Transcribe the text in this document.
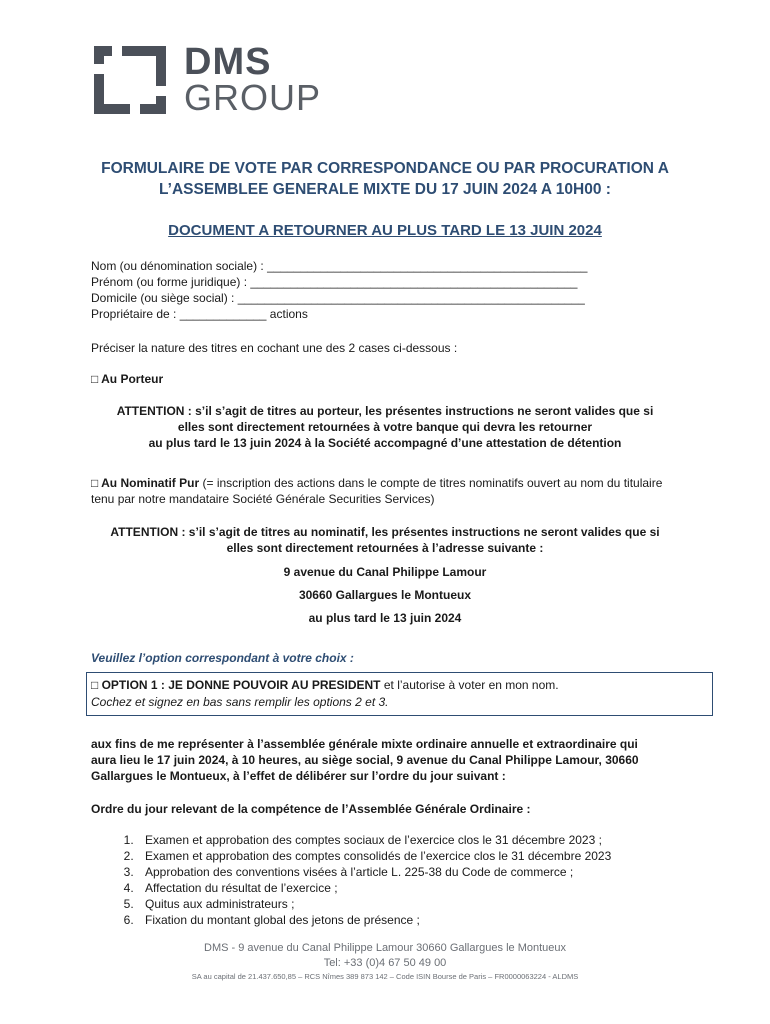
DMS
GROUP
FORMULAIRE DE VOTE PAR CORRESPONDANCE OU PAR PROCURATION A
L’ASSEMBLEE GENERALE MIXTE DU 17 JUIN 2024 A 10H00 :
DOCUMENT A RETOURNER AU PLUS TARD LE 13 JUIN 2024
Nom (ou dénomination sociale) : ________________________________________________
Prénom (ou forme juridique) : _________________________________________________
Domicile (ou siège social) : ____________________________________________________
Propriétaire de : _____________ actions
Préciser la nature des titres en cochant une des 2 cases ci-dessous :
□ Au Porteur
ATTENTION : s’il s’agit de titres au porteur, les présentes instructions ne seront valides que si
elles sont directement retournées à votre banque qui devra les retourner
au plus tard le 13 juin 2024 à la Société accompagné d’une attestation de détention
□ Au Nominatif Pur (= inscription des actions dans le compte de titres nominatifs ouvert au nom du titulaire
tenu par notre mandataire Société Générale Securities Services)
ATTENTION : s’il s’agit de titres au nominatif, les présentes instructions ne seront valides que si
elles sont directement retournées à l’adresse suivante :
9 avenue du Canal Philippe Lamour
30660 Gallargues le Montueux
au plus tard le 13 juin 2024
Veuillez l’option correspondant à votre choix :
□ OPTION 1 : JE DONNE POUVOIR AU PRESIDENT et l’autorise à voter en mon nom.
Cochez et signez en bas sans remplir les options 2 et 3.
aux fins de me représenter à l’assemblée générale mixte ordinaire annuelle et extraordinaire qui
aura lieu le 17 juin 2024, à 10 heures, au siège social, 9 avenue du Canal Philippe Lamour, 30660
Gallargues le Montueux, à l’effet de délibérer sur l’ordre du jour suivant :
Ordre du jour relevant de la compétence de l’Assemblée Générale Ordinaire :
1. Examen et approbation des comptes sociaux de l’exercice clos le 31 décembre 2023 ;
2. Examen et approbation des comptes consolidés de l’exercice clos le 31 décembre 2023
3. Approbation des conventions visées à l’article L. 225-38 du Code de commerce ;
4. Affectation du résultat de l’exercice ;
5. Quitus aux administrateurs ;
6. Fixation du montant global des jetons de présence ;
DMS - 9 avenue du Canal Philippe Lamour 30660 Gallargues le Montueux
Tel: +33 (0)4 67 50 49 00
SA au capital de 21.437.650,85 – RCS Nîmes 389 873 142 – Code ISIN Bourse de Paris – FR0000063224 - ALDMS
